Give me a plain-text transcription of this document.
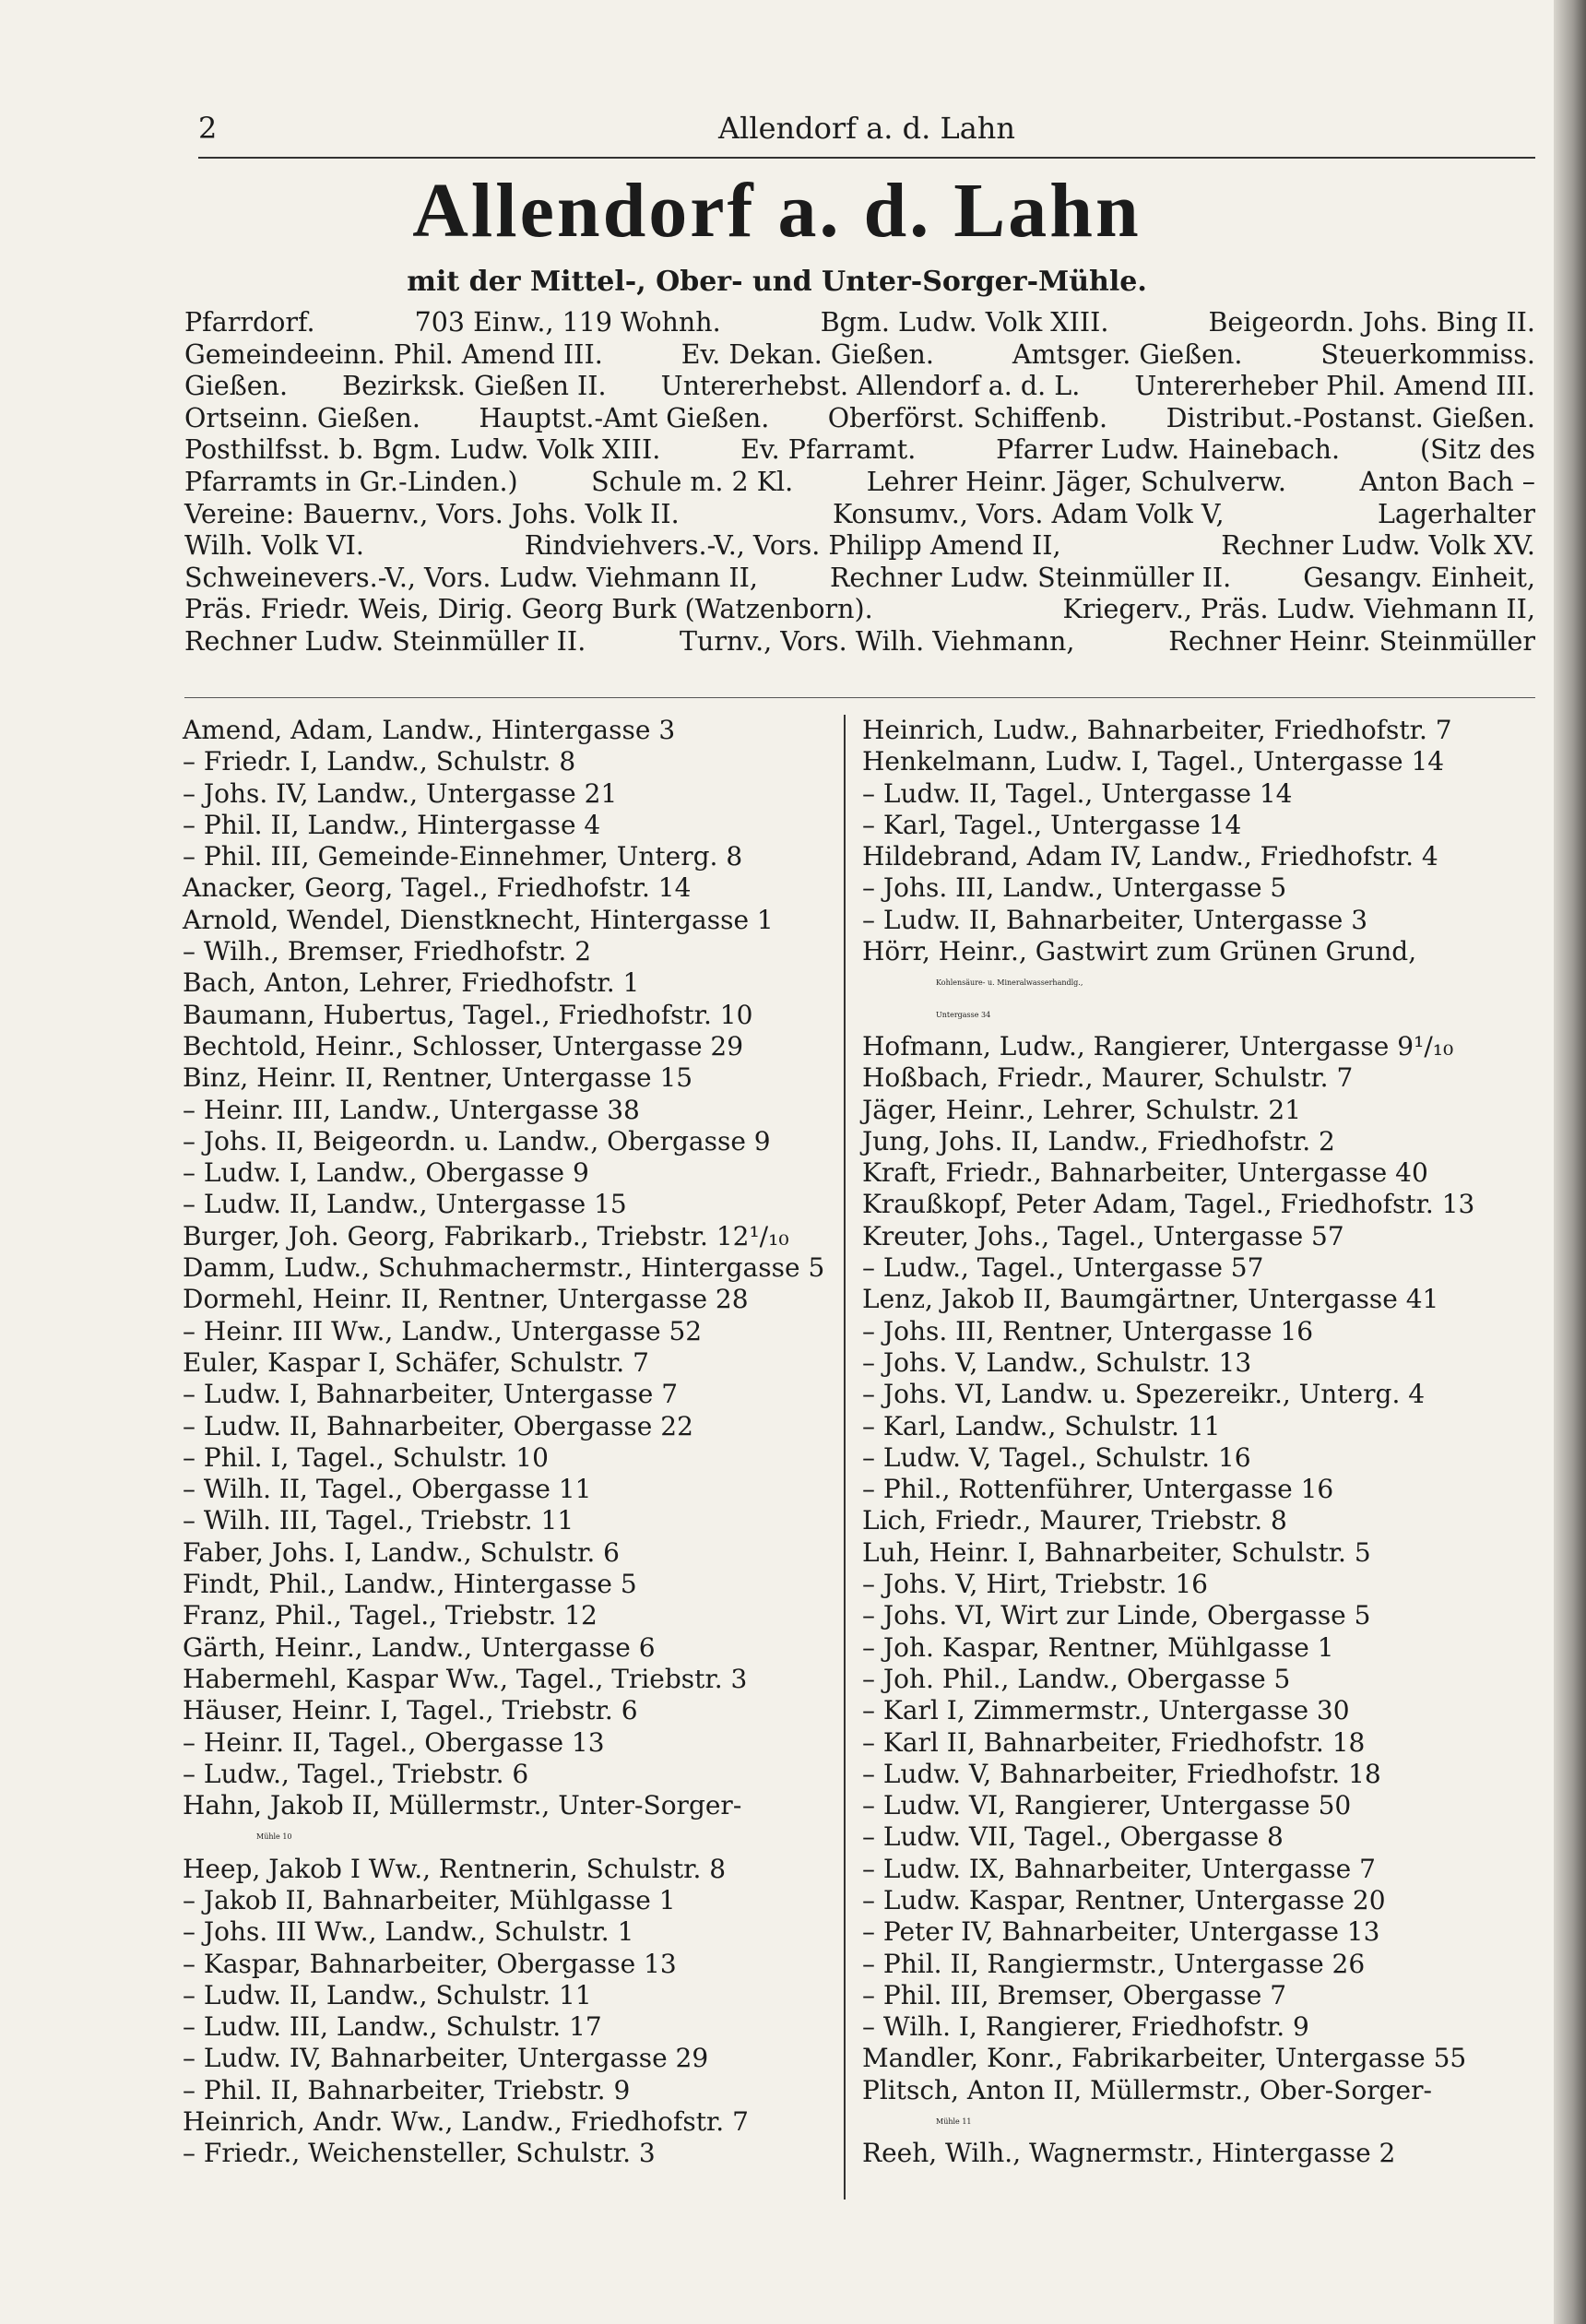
2	Allendorf a. d. Lahn
Allendorf a. d. Lahn
mit der Mittel-, Ober- und Unter-Sorger-Mühle.
Pfarrdorf.	703 Einw., 119 Wohnh.	Bgm. Ludw. Volk XIII.	Beigeordn. Johs. Bing II.
Gemeindeeinn. Phil. Amend III.	Ev. Dekan. Gießen.	Amtsger. Gießen.	Steuerkommiss.
Gießen. Bezirksk. Gießen II. Untererhebst. Allendorf a. d. L. Untererheber Phil. Amend III.
Ortseinn. Gießen. Hauptst.-Amt Gießen. Oberförst. Schiffenb. Distribut.-Postanst. Gießen.
Posthilfsst. b. Bgm. Ludw. Volk XIII.	Ev. Pfarramt.	Pfarrer Ludw. Hainebach.	(Sitz des
Pfarramts in Gr.-Linden.)	Schule m. 2 Kl.	Lehrer Heinr. Jäger, Schulverw.	Anton Bach –
Vereine: Bauernv., Vors. Johs. Volk II.	Konsumv., Vors. Adam Volk V,	Lagerhalter
Wilh. Volk VI.	Rindviehvers.-V., Vors. Philipp Amend II,	Rechner Ludw. Volk XV.
Schweinevers.-V., Vors. Ludw. Viehmann II,	Rechner Ludw. Steinmüller II.	Gesangv. Einheit,
Präs. Friedr. Weis, Dirig. Georg Burk (Watzenborn).	Kriegerv., Präs. Ludw. Viehmann II,
Rechner Ludw. Steinmüller II.	Turnv., Vors. Wilh. Viehmann,	Rechner Heinr. Steinmüller
Amend, Adam, Landw., Hintergasse 3
– Friedr. I, Landw., Schulstr. 8
– Johs. IV, Landw., Untergasse 21
– Phil. II, Landw., Hintergasse 4
– Phil. III, Gemeinde-Einnehmer, Unterg. 8
Anacker, Georg, Tagel., Friedhofstr. 14
Arnold, Wendel, Dienstknecht, Hintergasse 1
– Wilh., Bremser, Friedhofstr. 2
Bach, Anton, Lehrer, Friedhofstr. 1
Baumann, Hubertus, Tagel., Friedhofstr. 10
Bechtold, Heinr., Schlosser, Untergasse 29
Binz, Heinr. II, Rentner, Untergasse 15
– Heinr. III, Landw., Untergasse 38
– Johs. II, Beigeordn. u. Landw., Obergasse 9
– Ludw. I, Landw., Obergasse 9
– Ludw. II, Landw., Untergasse 15
Burger, Joh. Georg, Fabrikarb., Triebstr. 12¹/₁₀
Damm, Ludw., Schuhmachermstr., Hintergasse 5
Dormehl, Heinr. II, Rentner, Untergasse 28
– Heinr. III Ww., Landw., Untergasse 52
Euler, Kaspar I, Schäfer, Schulstr. 7
– Ludw. I, Bahnarbeiter, Untergasse 7
– Ludw. II, Bahnarbeiter, Obergasse 22
– Phil. I, Tagel., Schulstr. 10
– Wilh. II, Tagel., Obergasse 11
– Wilh. III, Tagel., Triebstr. 11
Faber, Johs. I, Landw., Schulstr. 6
Findt, Phil., Landw., Hintergasse 5
Franz, Phil., Tagel., Triebstr. 12
Gärth, Heinr., Landw., Untergasse 6
Habermehl, Kaspar Ww., Tagel., Triebstr. 3
Häuser, Heinr. I, Tagel., Triebstr. 6
– Heinr. II, Tagel., Obergasse 13
– Ludw., Tagel., Triebstr. 6
Hahn, Jakob II, Müllermstr., Unter-Sorger-
Mühle 10
Heep, Jakob I Ww., Rentnerin, Schulstr. 8
– Jakob II, Bahnarbeiter, Mühlgasse 1
– Johs. III Ww., Landw., Schulstr. 1
– Kaspar, Bahnarbeiter, Obergasse 13
– Ludw. II, Landw., Schulstr. 11
– Ludw. III, Landw., Schulstr. 17
– Ludw. IV, Bahnarbeiter, Untergasse 29
– Phil. II, Bahnarbeiter, Triebstr. 9
Heinrich, Andr. Ww., Landw., Friedhofstr. 7
– Friedr., Weichensteller, Schulstr. 3
Heinrich, Ludw., Bahnarbeiter, Friedhofstr. 7
Henkelmann, Ludw. I, Tagel., Untergasse 14
– Ludw. II, Tagel., Untergasse 14
– Karl, Tagel., Untergasse 14
Hildebrand, Adam IV, Landw., Friedhofstr. 4
– Johs. III, Landw., Untergasse 5
– Ludw. II, Bahnarbeiter, Untergasse 3
Hörr, Heinr., Gastwirt zum Grünen Grund,
Kohlensäure- u. Mineralwasserhandlg.,
Untergasse 34
Hofmann, Ludw., Rangierer, Untergasse 9¹/₁₀
Hoßbach, Friedr., Maurer, Schulstr. 7
Jäger, Heinr., Lehrer, Schulstr. 21
Jung, Johs. II, Landw., Friedhofstr. 2
Kraft, Friedr., Bahnarbeiter, Untergasse 40
Kraußkopf, Peter Adam, Tagel., Friedhofstr. 13
Kreuter, Johs., Tagel., Untergasse 57
– Ludw., Tagel., Untergasse 57
Lenz, Jakob II, Baumgärtner, Untergasse 41
– Johs. III, Rentner, Untergasse 16
– Johs. V, Landw., Schulstr. 13
– Johs. VI, Landw. u. Spezereikr., Unterg. 4
– Karl, Landw., Schulstr. 11
– Ludw. V, Tagel., Schulstr. 16
– Phil., Rottenführer, Untergasse 16
Lich, Friedr., Maurer, Triebstr. 8
Luh, Heinr. I, Bahnarbeiter, Schulstr. 5
– Johs. V, Hirt, Triebstr. 16
– Johs. VI, Wirt zur Linde, Obergasse 5
– Joh. Kaspar, Rentner, Mühlgasse 1
– Joh. Phil., Landw., Obergasse 5
– Karl I, Zimmermstr., Untergasse 30
– Karl II, Bahnarbeiter, Friedhofstr. 18
– Ludw. V, Bahnarbeiter, Friedhofstr. 18
– Ludw. VI, Rangierer, Untergasse 50
– Ludw. VII, Tagel., Obergasse 8
– Ludw. IX, Bahnarbeiter, Untergasse 7
– Ludw. Kaspar, Rentner, Untergasse 20
– Peter IV, Bahnarbeiter, Untergasse 13
– Phil. II, Rangiermstr., Untergasse 26
– Phil. III, Bremser, Obergasse 7
– Wilh. I, Rangierer, Friedhofstr. 9
Mandler, Konr., Fabrikarbeiter, Untergasse 55
Plitsch, Anton II, Müllermstr., Ober-Sorger-
Mühle 11
Reeh, Wilh., Wagnermstr., Hintergasse 2
